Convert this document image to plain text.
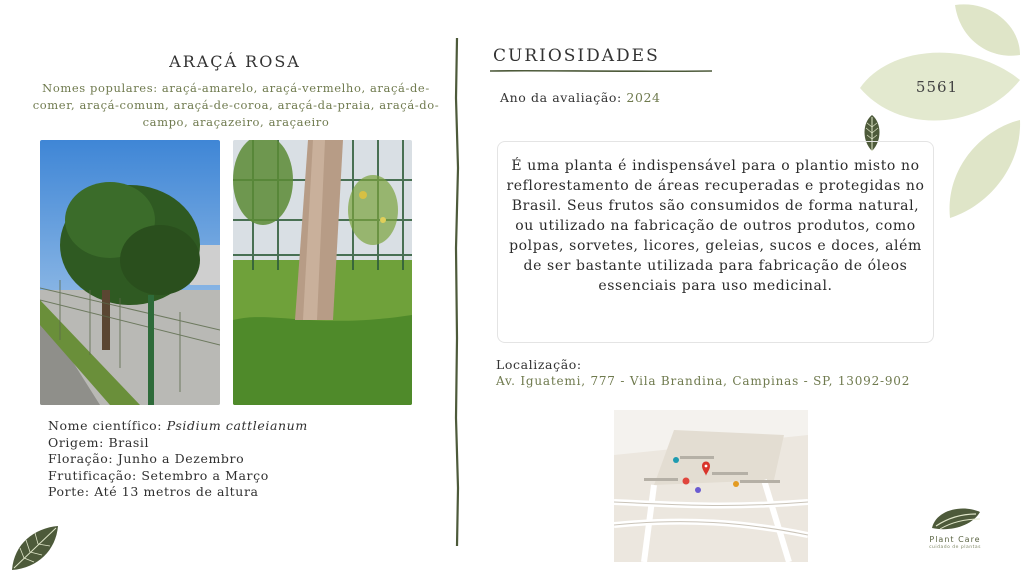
5561
ARAÇÁ ROSA
Nomes populares: araçá-amarelo, araçá-vermelho, araçá-de-comer, araçá-comum, araçá-de-coroa, araçá-da-praia, araçá-do-campo, araçazeiro, araçaeiro
Nome científico: Psidium cattleianum
Origem: Brasil
Floração: Junho a Dezembro
Frutificação: Setembro a Março
Porte: Até 13 metros de altura
CURIOSIDADES
Ano da avaliação: 2024
É uma planta é indispensável para o plantio misto no reflorestamento de áreas recuperadas e protegidas no Brasil. Seus frutos são consumidos de forma natural, ou utilizado na fabricação de outros produtos, como polpas, sorvetes, licores, geleias, sucos e doces, além de ser bastante utilizada para fabricação de óleos essenciais para uso medicinal.
Localização:
Av. Iguatemi, 777 - Vila Brandina, Campinas - SP, 13092-902
Plant Care
cuidado de plantas
